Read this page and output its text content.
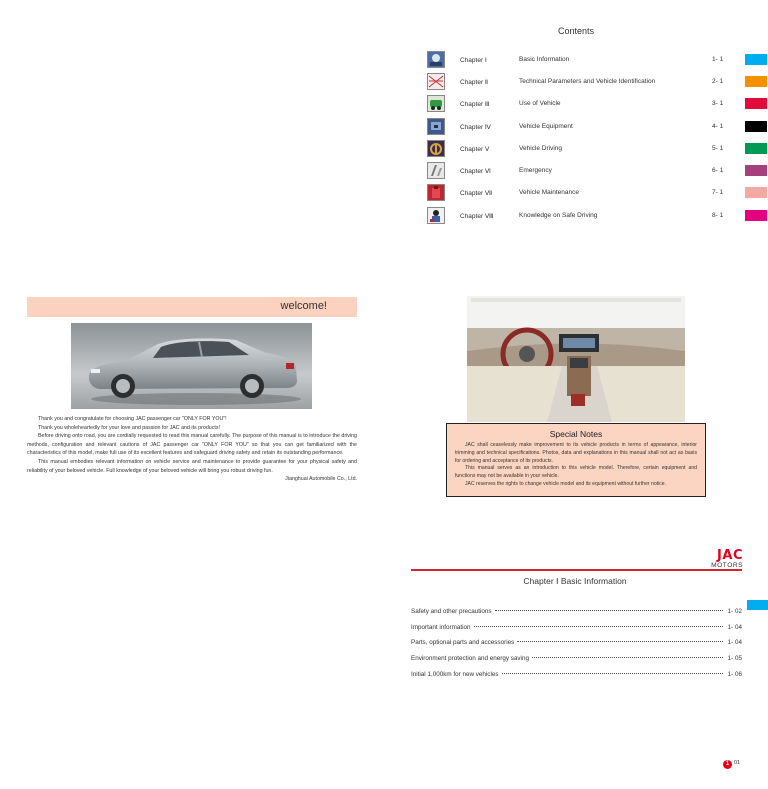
Contents
Chapter Ⅰ	Basic Information	1- 1
Chapter Ⅱ	Technical Parameters and Vehicle Identification	2- 1
Chapter Ⅲ	Use of Vehicle	3- 1
Chapter Ⅳ	Vehicle Equipment	4- 1
Chapter Ⅴ	Vehicle Driving	5- 1
Chapter Ⅵ	Emergency	6- 1
Chapter Ⅶ	Vehicle Maintenance	7- 1
Chapter Ⅷ	Knowledge on Safe Driving	8- 1
welcome!

Thank you and congratulate for choosing JAC passenger car "ONLY FOR YOU"!

Thank you wholeheartedly for your love and passion for JAC and its products!

Before driving onto road, you are cordially requested to read this manual carefully. The purpose of this manual is to introduce the driving methods, configuration and relevant cautions of JAC passenger car "ONLY FOR YOU" so that you can get familiarized with the characteristics of this model, make full use of its excellent features and safeguard driving safety and retain its outstanding performance.

This manual embodies relevant information on vehicle service and maintenance to provide guarantee for your physical safety and reliability of your beloved vehicle. Full knowledge of your beloved vehicle will bring you robust driving fun.

Jianghuai Automobile Co., Ltd.

Special Notes

JAC shall ceaselessly make improvement to its vehicle products in terms of appearance, interior trimming and technical specifications. Photos, data and explanations in this manual shall not act as basis for ordering and acceptance of its products.

This manual serves as an introduction to this vehicle model. Therefore, certain equipment and functions may not be available in your vehicle.

JAC reserves the rights to change vehicle model and its equipment without further notice.

JAC
MOTORS
Chapter Ⅰ Basic Information
Safety and other precautions	1- 02
Important information	1- 04
Parts, optional parts and accessories	1- 04
Environment protection and energy saving	1- 05
Initial 1,000km for new vehicles	1- 06
1 01
